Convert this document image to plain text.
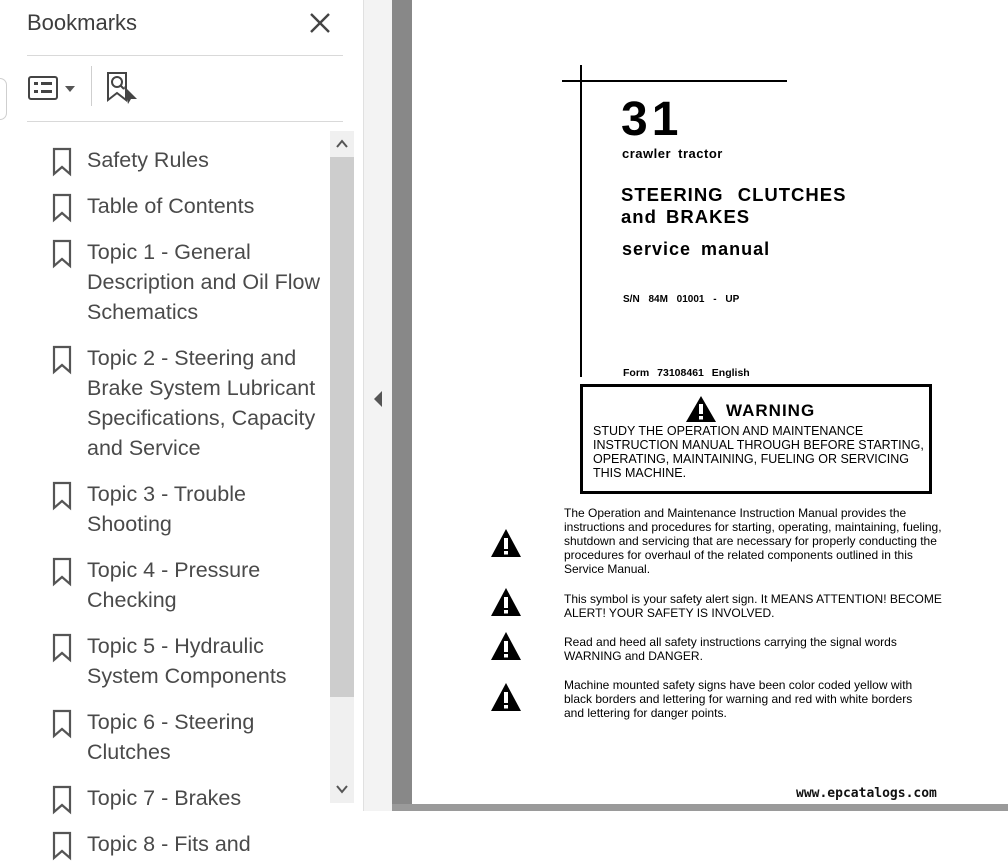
Bookmarks
Safety Rules
Table of Contents
Topic 1 - General
Description and Oil Flow
Schematics
Topic 2 - Steering and
Brake System Lubricant
Specifications, Capacity
and Service
Topic 3 - Trouble
Shooting
Topic 4 - Pressure
Checking
Topic 5 - Hydraulic
System Components
Topic 6 - Steering
Clutches
Topic 7 - Brakes
Topic 8 - Fits and
31
crawler tractor
STEERING CLUTCHES
and BRAKES
service manual
S/N 84M 01001 - UP
Form 73108461 English
WARNING
STUDY THE OPERATION AND MAINTENANCE
INSTRUCTION MANUAL THROUGH BEFORE STARTING,
OPERATING, MAINTAINING, FUELING OR SERVICING
THIS MACHINE.
The Operation and Maintenance Instruction Manual provides the
instructions and procedures for starting, operating, maintaining, fueling,
shutdown and servicing that are necessary for properly conducting the
procedures for overhaul of the related components outlined in this
Service Manual.
This symbol is your safety alert sign. It MEANS ATTENTION! BECOME
ALERT! YOUR SAFETY IS INVOLVED.
Read and heed all safety instructions carrying the signal words
WARNING and DANGER.
Machine mounted safety signs have been color coded yellow with
black borders and lettering for warning and red with white borders
and lettering for danger points.
www.epcatalogs.com
